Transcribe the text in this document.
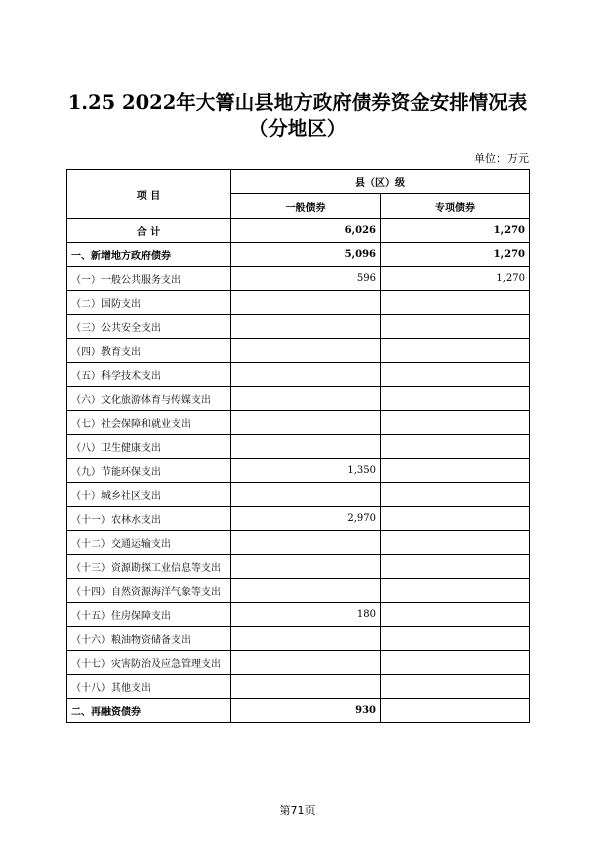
1.25 2022年大箐山县地方政府债券资金安排情况表
（分地区）
单位：万元
项 目	县（区）级	
	一般债券	专项债券
合 计	6,026	1,270
一、新增地方政府债券	5,096	1,270
（一）一般公共服务支出	596	1,270
（二）国防支出		
（三）公共安全支出		
（四）教育支出		
（五）科学技术支出		
（六）文化旅游体育与传媒支出		
（七）社会保障和就业支出		
（八）卫生健康支出		
（九）节能环保支出	1,350	
（十）城乡社区支出		
（十一）农林水支出	2,970	
（十二）交通运输支出		
（十三）资源勘探工业信息等支出		
（十四）自然资源海洋气象等支出		
（十五）住房保障支出	180	
（十六）粮油物资储备支出		
（十七）灾害防治及应急管理支出		
（十八）其他支出		
二、再融资债券	930	
第71页
